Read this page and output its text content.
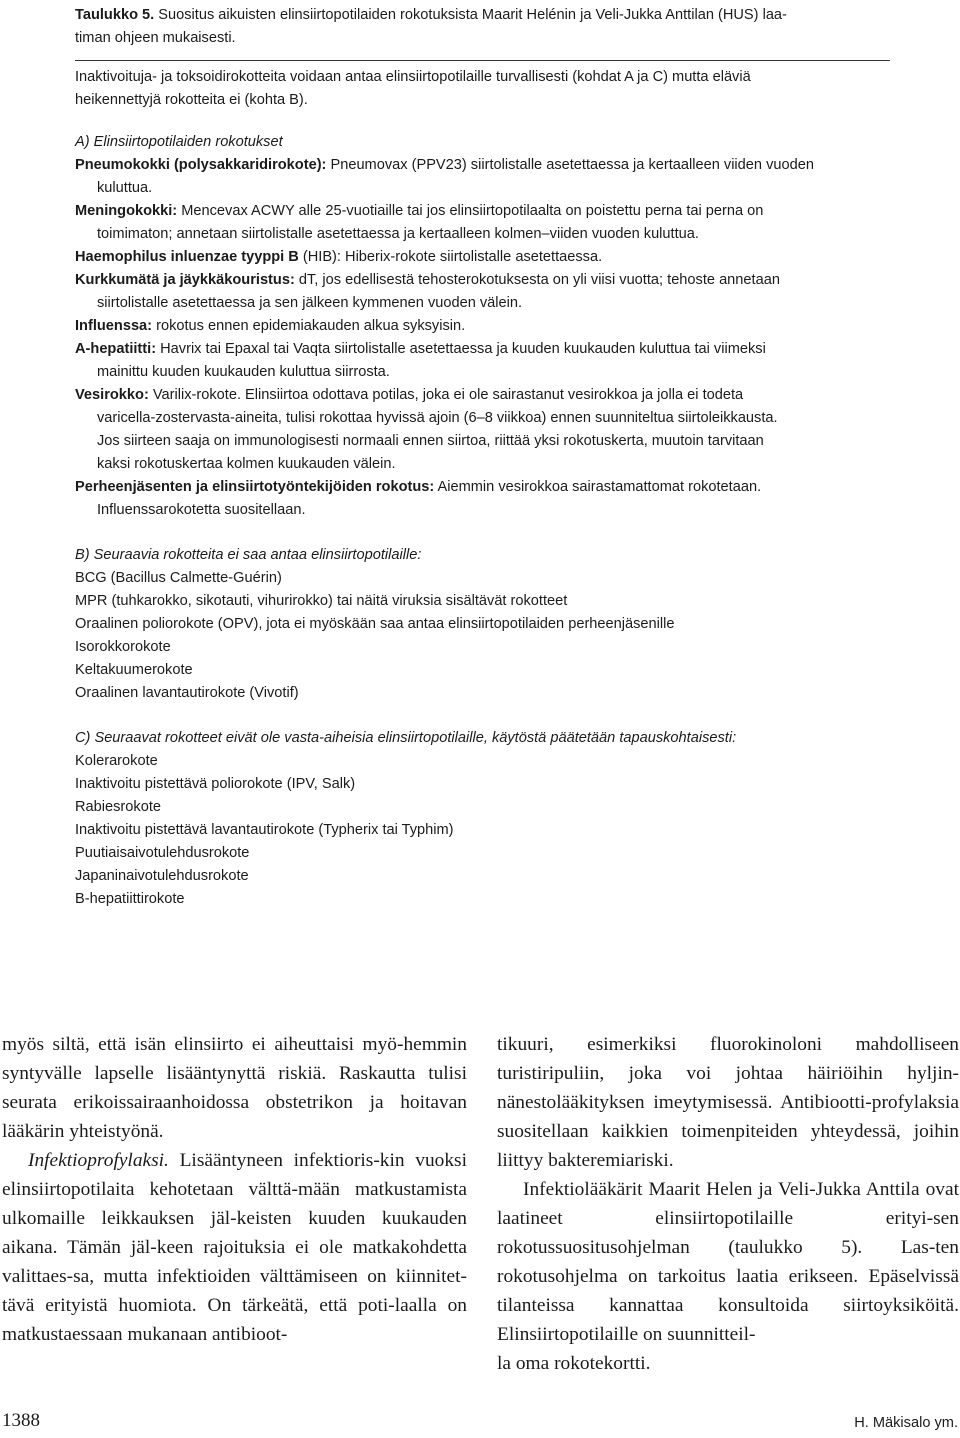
Taulukko 5. Suositus aikuisten elinsiirtopotilaiden rokotuksista Maarit Helénin ja Veli-Jukka Anttilan (HUS) laa-
timan ohjeen mukaisesti.

Inaktivoituja- ja toksoidirokotteita voidaan antaa elinsiirtopotilaille turvallisesti (kohdat A ja C) mutta eläviä
heikennettyjä rokotteita ei (kohta B).

A) Elinsiirtopotilaiden rokotukset

Pneumokokki (polysakkaridirokote): Pneumovax (PPV23) siirtolistalle asetettaessa ja kertaalleen viiden vuoden
kuluttua.

Meningokokki: Mencevax ACWY alle 25-vuotiaille tai jos elinsiirtopotilaalta on poistettu perna tai perna on
toimimaton; annetaan siirtolistalle asetettaessa ja kertaalleen kolmen–viiden vuoden kuluttua.

Haemophilus inluenzae tyyppi B (HIB): Hiberix-rokote siirtolistalle asetettaessa.

Kurkkumätä ja jäykkäkouristus: dT, jos edellisestä tehosterokotuksesta on yli viisi vuotta; tehoste annetaan
siirtolistalle asetettaessa ja sen jälkeen kymmenen vuoden välein.

Influenssa: rokotus ennen epidemiakauden alkua syksyisin.

A-hepatiitti: Havrix tai Epaxal tai Vaqta siirtolistalle asetettaessa ja kuuden kuukauden kuluttua tai viimeksi
mainittu kuuden kuukauden kuluttua siirrosta.

Vesirokko: Varilix-rokote. Elinsiirtoa odottava potilas, joka ei ole sairastanut vesirokkoa ja jolla ei todeta
varicella-zostervasta-aineita, tulisi rokottaa hyvissä ajoin (6–8 viikkoa) ennen suunniteltua siirtoleikkausta.
Jos siirteen saaja on immunologisesti normaali ennen siirtoa, riittää yksi rokotuskerta, muutoin tarvitaan
kaksi rokotuskertaa kolmen kuukauden välein.

Perheenjäsenten ja elinsiirtotyöntekijöiden rokotus: Aiemmin vesirokkoa sairastamattomat rokotetaan.
Influenssarokotetta suositellaan.

B) Seuraavia rokotteita ei saa antaa elinsiirtopotilaille:

BCG (Bacillus Calmette-Guérin)

MPR (tuhkarokko, sikotauti, vihurirokko) tai näitä viruksia sisältävät rokotteet

Oraalinen poliorokote (OPV), jota ei myöskään saa antaa elinsiirtopotilaiden perheenjäsenille

Isorokkorokote

Keltakuumerokote

Oraalinen lavantautirokote (Vivotif)

C) Seuraavat rokotteet eivät ole vasta-aiheisia elinsiirtopotilaille, käytöstä päätetään tapauskohtaisesti:

Kolerarokote

Inaktivoitu pistettävä poliorokote (IPV, Salk)

Rabiesrokote

Inaktivoitu pistettävä lavantautirokote (Typherix tai Typhim)

Puutiaisaivotulehdusrokote

Japaninaivotulehdusrokote

B-hepatiittirokote

myös siltä, että isän elinsiirto ei aiheuttaisi myö-hemmin syntyvälle lapselle lisääntynyttä riskiä. Raskautta tulisi seurata erikoissairaanhoidossa obstetrikon ja hoitavan lääkärin yhteistyönä.

Infektioprofylaksi. Lisääntyneen infektioris-kin vuoksi elinsiirtopotilaita kehotetaan välttä-mään matkustamista ulkomaille leikkauksen jäl-keisten kuuden kuukauden aikana. Tämän jäl-keen rajoituksia ei ole matkakohdetta valittaes-sa, mutta infektioiden välttämiseen on kiinnitet-tävä erityistä huomiota. On tärkeätä, että poti-laalla on matkustaessaan mukanaan antibioot-

tikuuri, esimerkiksi fluorokinoloni mahdolliseen turistiripuliin, joka voi johtaa häiriöihin hyljin-nänestolääkityksen imeytymisessä. Antibiootti-profylaksia suositellaan kaikkien toimenpiteiden yhteydessä, joihin liittyy bakteremiariski.

Infektiolääkärit Maarit Helen ja Veli-Jukka Anttila ovat laatineet elinsiirtopotilaille erityi-sen rokotussuositusohjelman (taulukko 5). Las-ten rokotusohjelma on tarkoitus laatia erikseen. Epäselvissä tilanteissa kannattaa konsultoida siirtoyksiköitä. Elinsiirtopotilaille on suunnitteil-

la oma rokotekortti.

1388	H. Mäkisalo ym.
